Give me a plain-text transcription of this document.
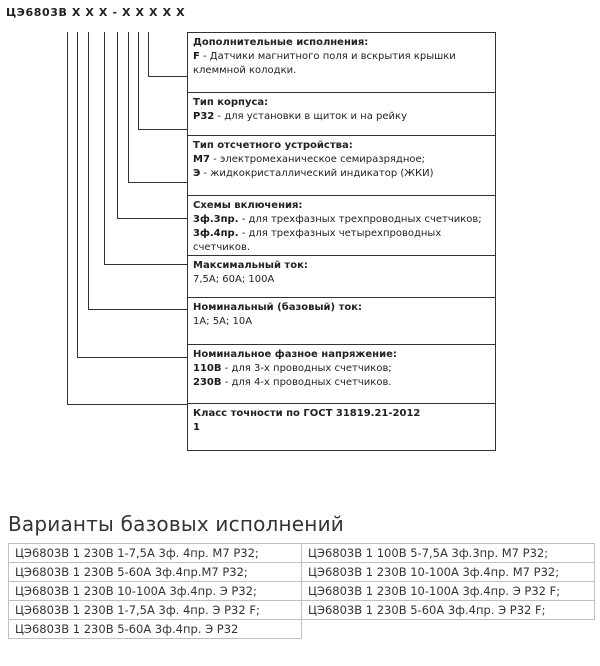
ЦЭ6803В X X X - X X X X X
Дополнительные исполнения:
F - Датчики магнитного поля и вскрытия крышки клеммной колодки.
Тип корпуса:
Р32 - для установки в щиток и на рейку
Тип отсчетного устройства:
М7 - электромеханическое семиразрядное;
Э - жидкокристаллический индикатор (ЖКИ)
Схемы включения:
3ф.3пр. - для трехфазных трехпроводных счетчиков;
3ф.4пр. - для трехфазных четырехпроводных счетчиков.
Максимальный ток:
7,5А; 60А; 100А
Номинальный (базовый) ток:
1А; 5А; 10А
Номинальное фазное напряжение:
110В - для 3-х проводных счетчиков;
230В - для 4-х проводных счетчиков.
Класс точности по ГОСТ 31819.21-2012
1
Варианты базовых исполнений
ЦЭ6803В 1 230В 1-7,5А 3ф. 4пр. М7 Р32;	ЦЭ6803В 1 100В 5-7,5А 3ф.3пр. М7 Р32;
ЦЭ6803В 1 230В 5-60А 3ф.4пр.М7 Р32;	ЦЭ6803В 1 230В 10-100А 3ф.4пр. М7 Р32;
ЦЭ6803В 1 230В 10-100А 3ф.4пр. Э Р32;	ЦЭ6803В 1 230В 10-100А 3ф.4пр. Э Р32 F;
ЦЭ6803В 1 230В 1-7,5А 3ф. 4пр. Э Р32 F;	ЦЭ6803В 1 230В 5-60А 3ф.4пр. Э Р32 F;
ЦЭ6803В 1 230В 5-60А 3ф.4пр. Э Р32	
